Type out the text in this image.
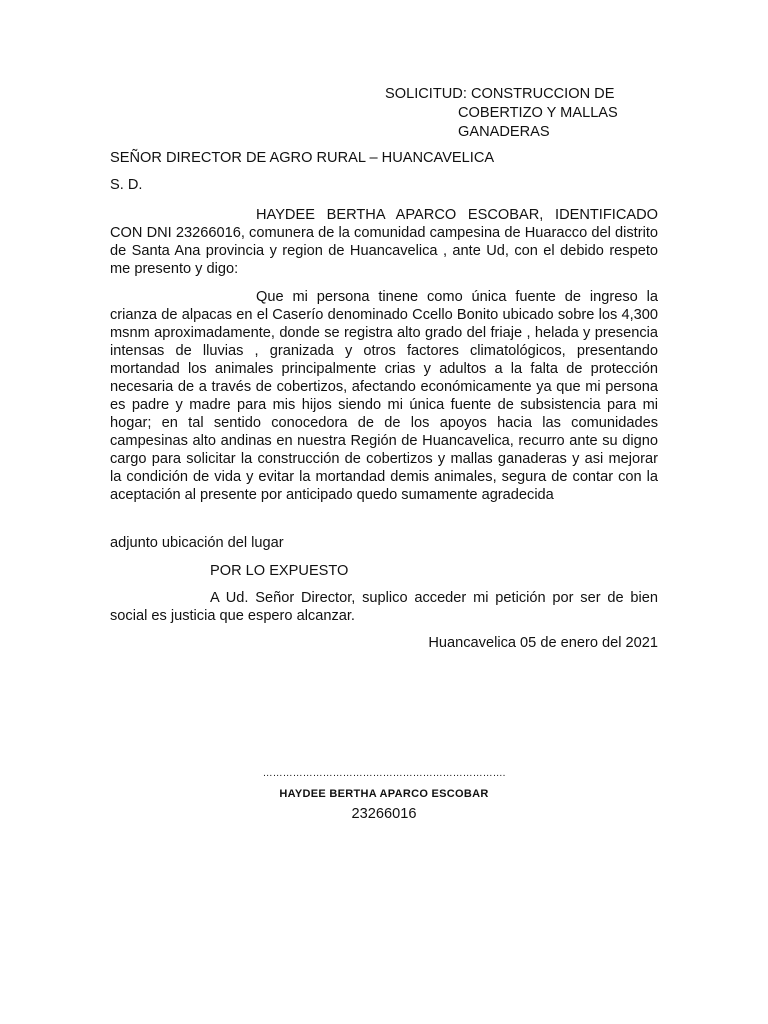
SOLICITUD: CONSTRUCCION DE
COBERTIZO Y MALLAS
GANADERAS
SEÑOR DIRECTOR DE AGRO RURAL – HUANCAVELICA
S. D.
HAYDEE BERTHA APARCO ESCOBAR, IDENTIFICADO CON DNI 23266016, comunera de la comunidad campesina de Huaracco del distrito de Santa Ana provincia y region de Huancavelica , ante Ud, con el debido respeto me presento y digo:
Que mi persona tinene como única fuente de ingreso la crianza de alpacas en el Caserío denominado Ccello Bonito ubicado sobre los 4,300 msnm aproximadamente, donde se registra alto grado del friaje , helada y presencia intensas de lluvias , granizada y otros factores climatológicos, presentando mortandad los animales principalmente crias y adultos a la falta de protección necesaria de a través de cobertizos, afectando económicamente ya que mi persona es padre y madre para mis hijos siendo mi única fuente de subsistencia para mi hogar; en tal sentido conocedora de de los apoyos hacia las comunidades campesinas alto andinas en nuestra Región de Huancavelica, recurro ante su digno cargo para solicitar la construcción de cobertizos y mallas ganaderas y asi mejorar la condición de vida y evitar la mortandad demis animales, segura de contar con la aceptación al presente por anticipado quedo sumamente agradecida
adjunto ubicación del lugar
POR LO EXPUESTO
A Ud. Señor Director, suplico acceder mi petición por ser de bien social es justicia que espero alcanzar.
Huancavelica 05 de enero del 2021
……………………………………………………………….
HAYDEE BERTHA APARCO ESCOBAR
23266016
